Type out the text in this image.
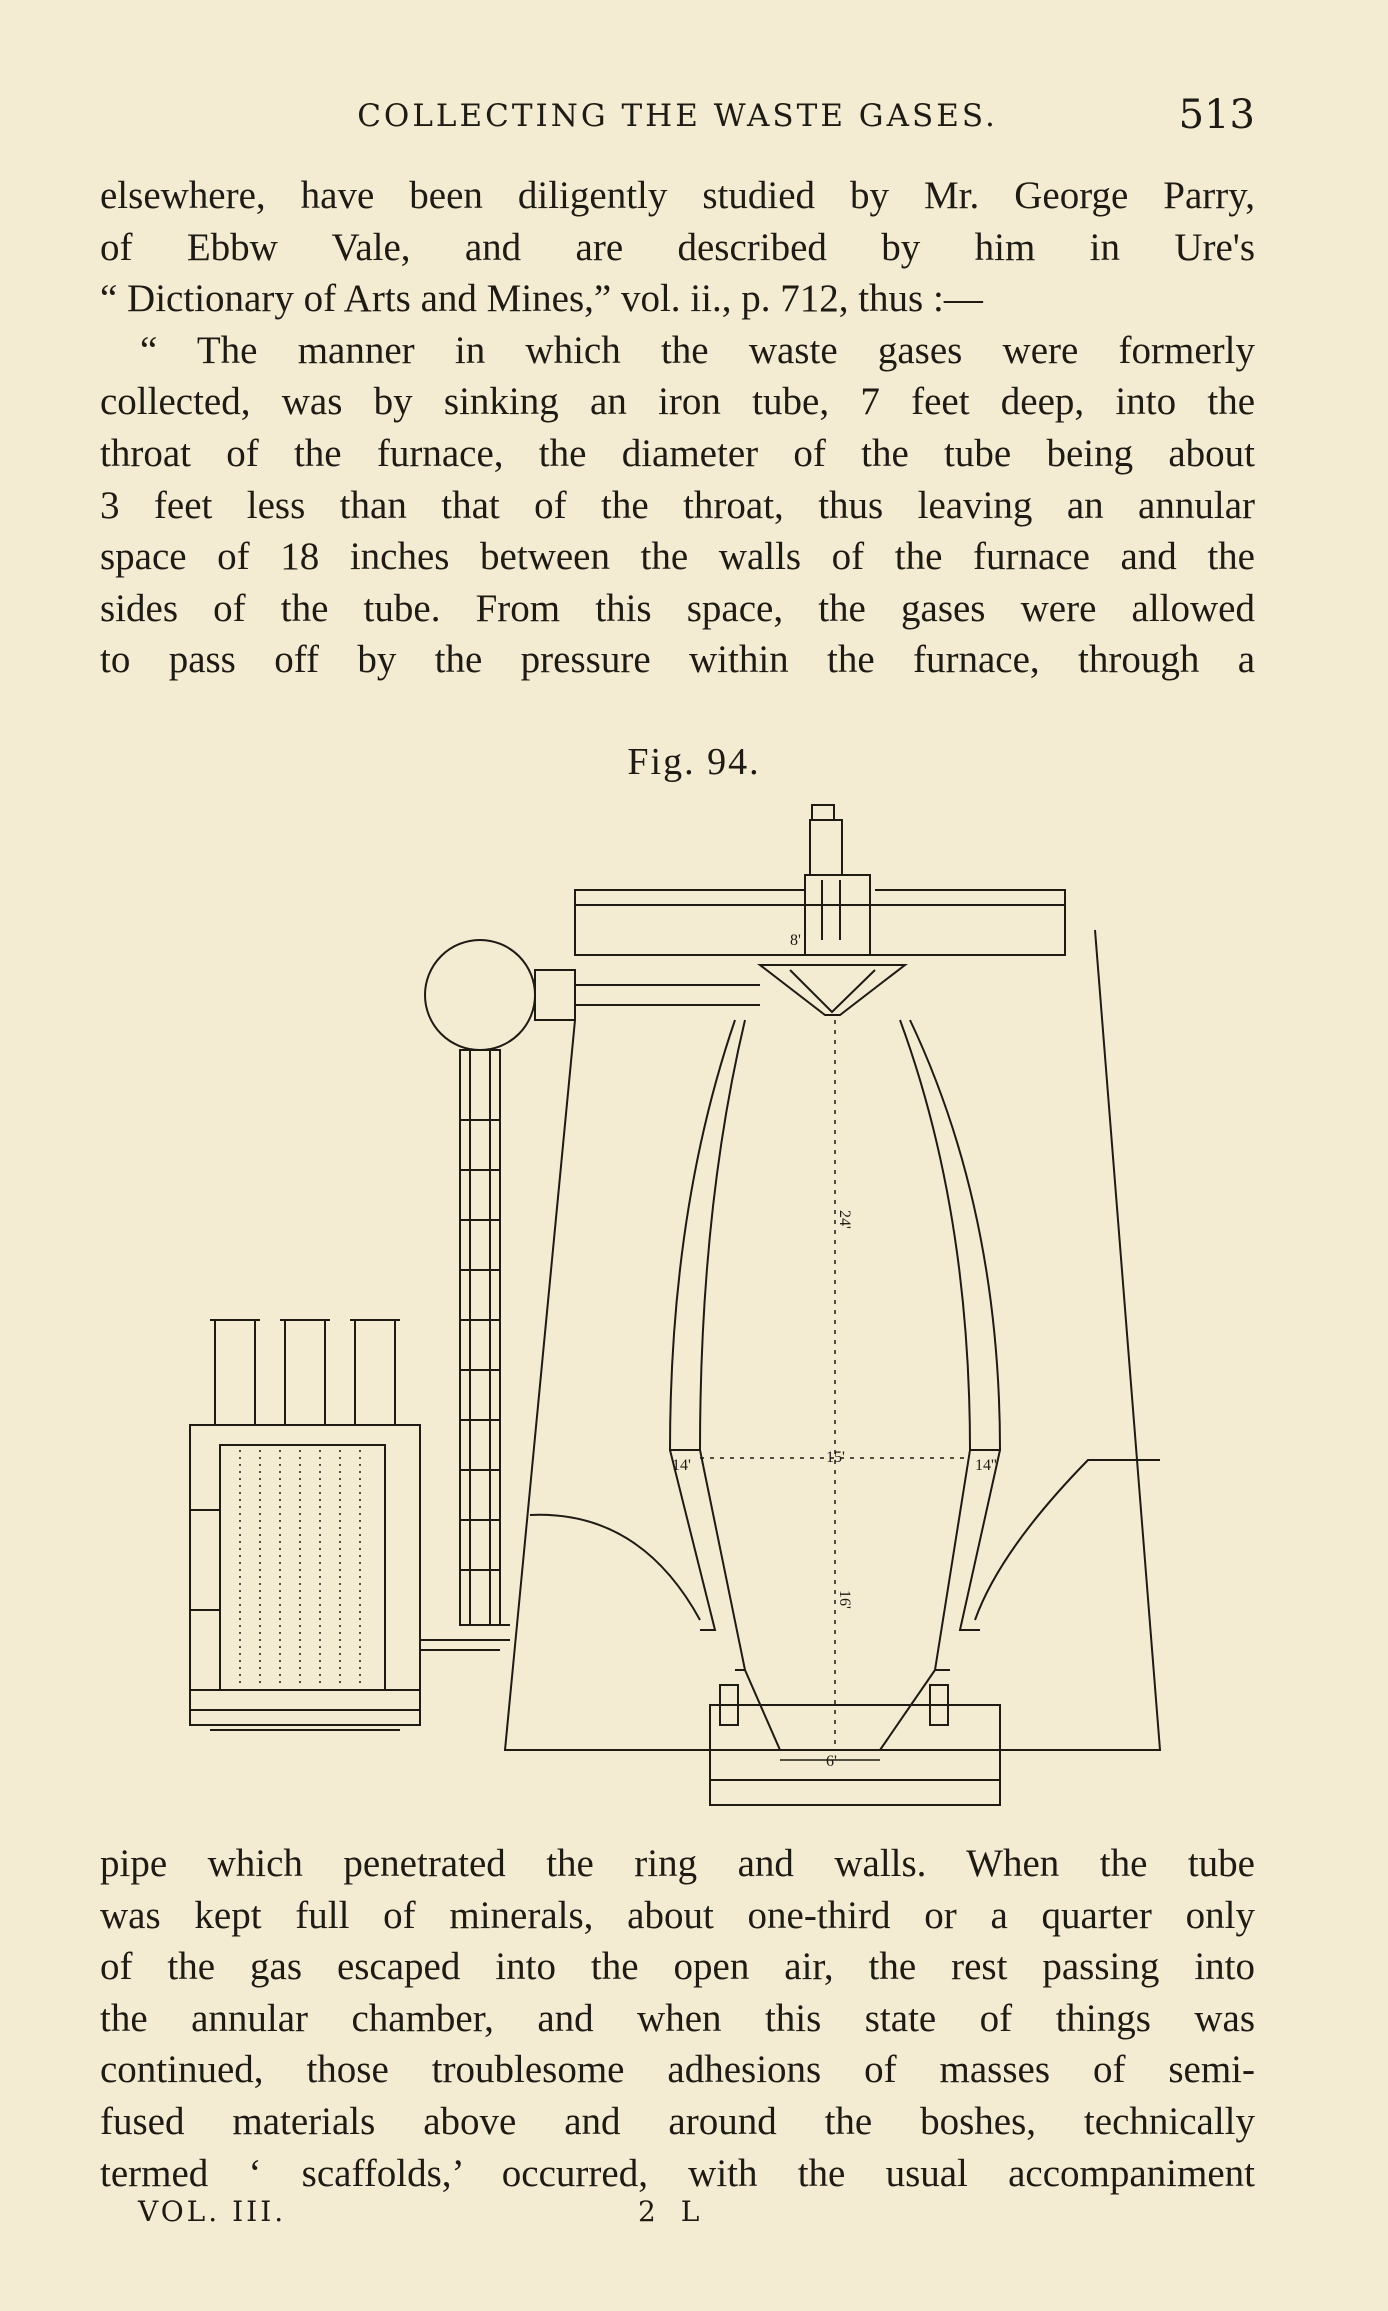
COLLECTING THE WASTE GASES.	513
elsewhere, have been diligently studied by Mr. George Parry,
of Ebbw Vale, and are described by him in Ure's
“ Dictionary of Arts and Mines,” vol. ii., p. 712, thus :—
“ The manner in which the waste gases were formerly
collected, was by sinking an iron tube, 7 feet deep, into the
throat of the furnace, the diameter of the tube being about
3 feet less than that of the throat, thus leaving an annular
space of 18 inches between the walls of the furnace and the
sides of the tube. From this space, the gases were allowed
to pass off by the pressure within the furnace, through a
Fig. 94.
8'
24'
15'
14'	14''
16'
6'
pipe which penetrated the ring and walls. When the tube
was kept full of minerals, about one-third or a quarter only
of the gas escaped into the open air, the rest passing into
the annular chamber, and when this state of things was
continued, those troublesome adhesions of masses of semi-
fused materials above and around the boshes, technically
termed ‘ scaffolds,’ occurred, with the usual accompaniment
VOL. III.	2 L
